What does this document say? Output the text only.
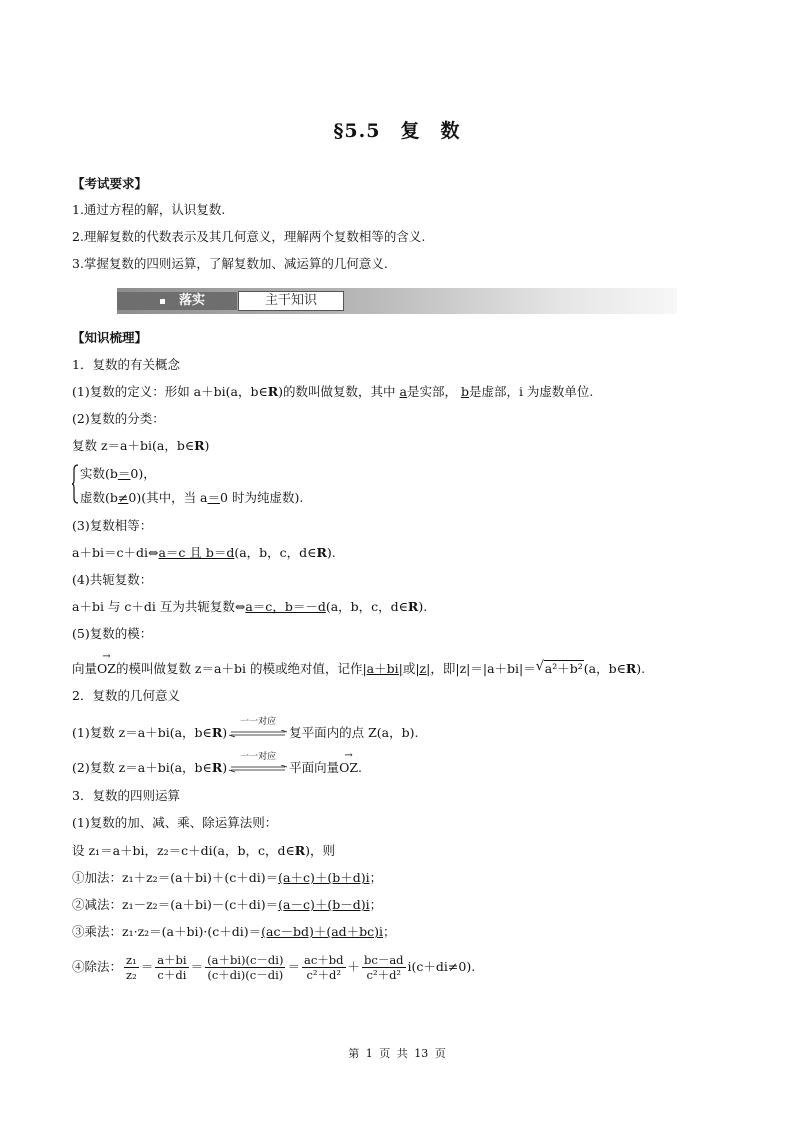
§5.5　复　数
【考试要求】
1.通过方程的解，认识复数.
2.理解复数的代数表示及其几何意义，理解两个复数相等的含义.
3.掌握复数的四则运算，了解复数加、减运算的几何意义.
落实	主干知识
【知识梳理】
1．复数的有关概念
(1)复数的定义：形如 a＋bi(a，b∈R)的数叫做复数，其中 a是实部， b是虚部，i 为虚数单位.
(2)复数的分类：
复数 z＝a＋bi(a，b∈R)
实数(b＝0)，
虚数(b≠0)(其中，当 a＝0 时为纯虚数).
(3)复数相等：
a＋bi＝c＋di⇔a＝c 且 b＝d(a，b，c，d∈R).
(4)共轭复数：
a＋bi 与 c＋di 互为共轭复数⇔a＝c，b＝－d(a，b，c，d∈R).
(5)复数的模：
向量
→
OZ的模叫做复数 z＝a＋bi 的模或绝对值，记作|a＋bi|或|z|，即|z|＝|a＋bi|＝ √ a²＋b²(a，b∈R).
2．复数的几何意义
(1)复数 z＝a＋bi(a，b∈R)
一一对应
复平面内的点 Z(a，b).
(2)复数 z＝a＋bi(a，b∈R)
一一对应
平面向量
→
OZ.
3．复数的四则运算
(1)复数的加、减、乘、除运算法则：
设 z₁＝a＋bi，z₂＝c＋di(a，b，c，d∈R)，则
①加法：z₁＋z₂＝(a＋bi)＋(c＋di)＝(a＋c)＋(b＋d)i；
②减法：z₁－z₂＝(a＋bi)－(c＋di)＝(a－c)＋(b－d)i；
③乘法：z₁·z₂＝(a＋bi)·(c＋di)＝(ac－bd)＋(ad＋bc)i；
④除法： $\frac{\text{z₁}}{\text{z₂}} = \frac{a+bi}{c+di} = \frac{(a+bi)(c-di)}{(c+di)(c-di)} = \frac{ac+bd}{\text{c²＋d²}} + \frac{bc-ad}{\text{c²＋d²}} i(c+di\ne 0)$.
第 1 页 共 13 页
